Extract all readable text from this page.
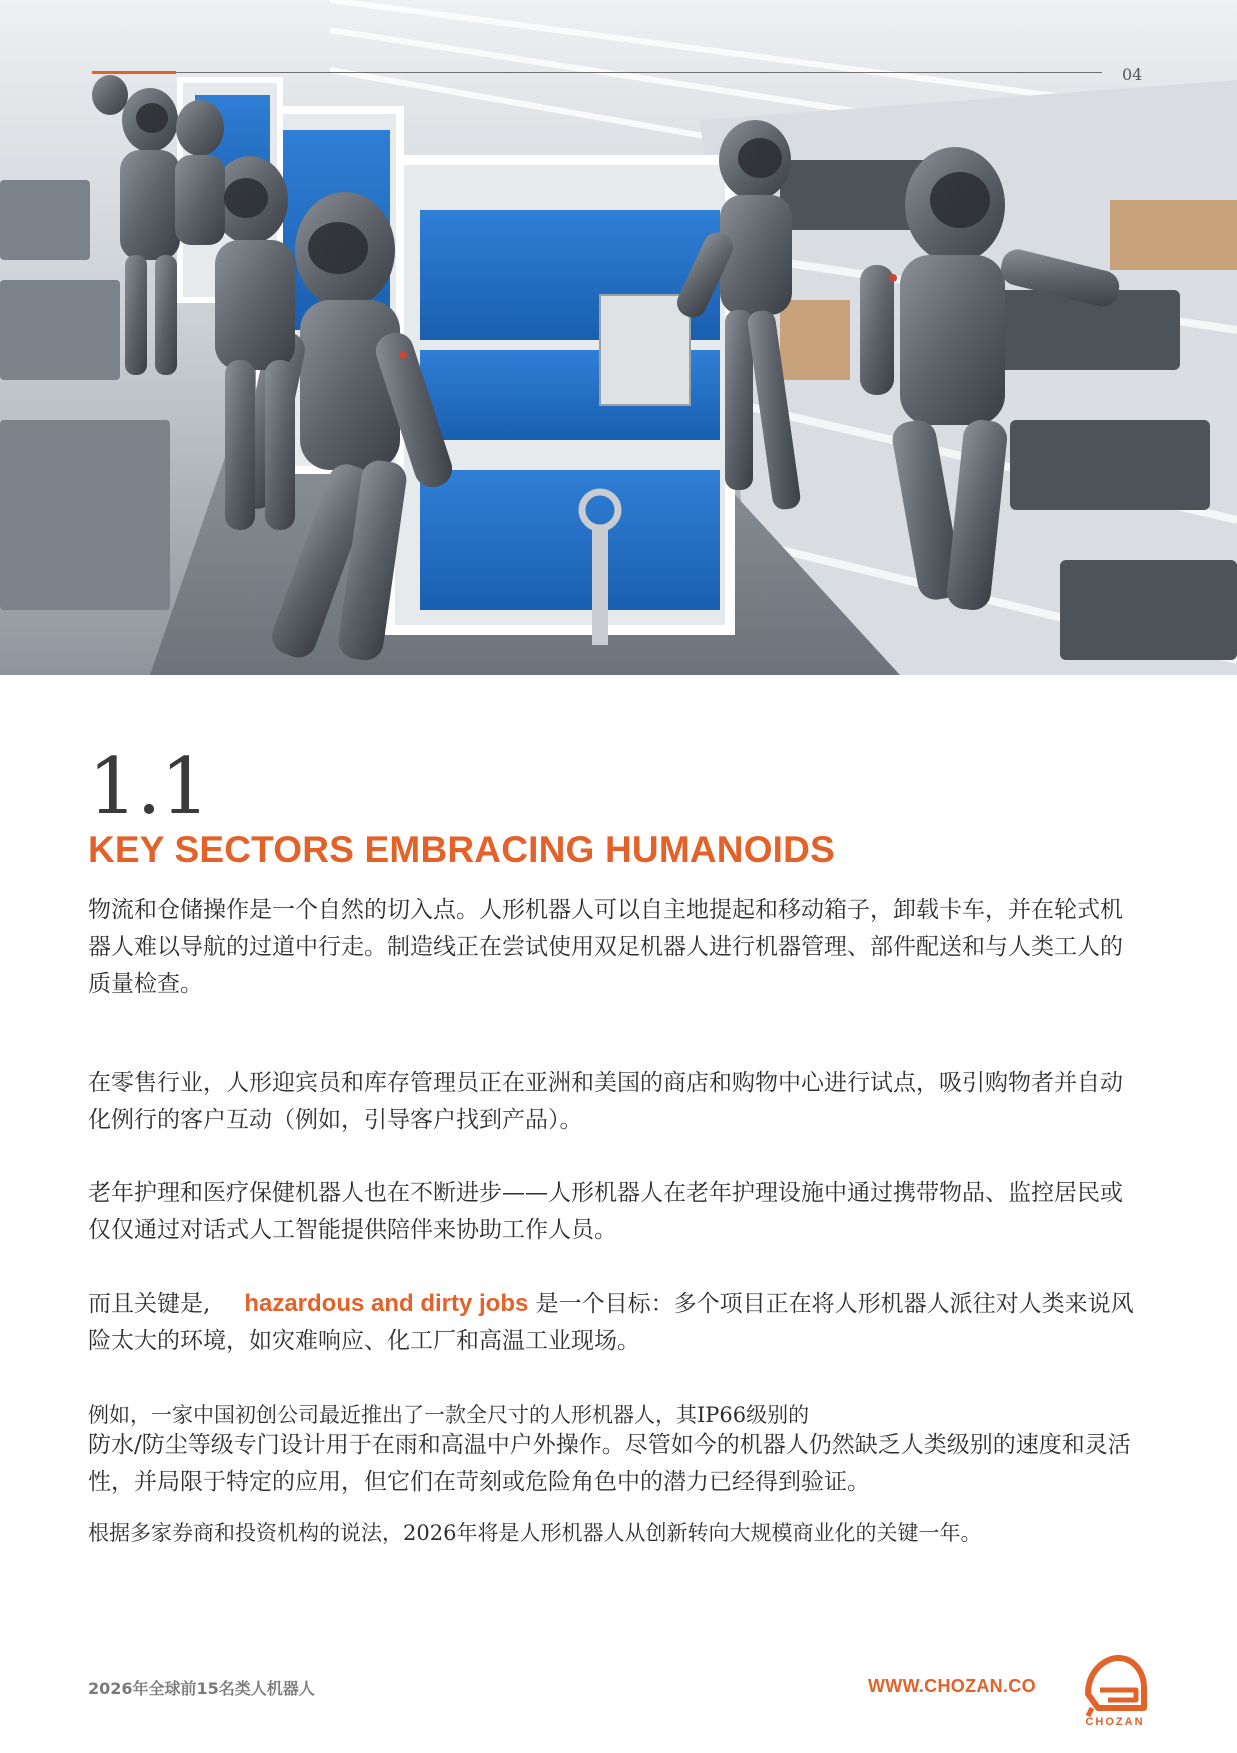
04
1.1
KEY SECTORS EMBRACING HUMANOIDS

物流和仓储操作是一个自然的切入点。人形机器人可以自主地提起和移动箱子，卸载卡车，并在轮式机器人难以导航的过道中行走。制造线正在尝试使用双足机器人进行机器管理、部件配送和与人类工人的质量检查。

在零售行业，人形迎宾员和库存管理员正在亚洲和美国的商店和购物中心进行试点，吸引购物者并自动化例行的客户互动（例如，引导客户找到产品）。

老年护理和医疗保健机器人也在不断进步——人形机器人在老年护理设施中通过携带物品、监控居民或仅仅通过对话式人工智能提供陪伴来协助工作人员。

而且关键是, hazardous and dirty jobs 是一个目标：多个项目正在将人形机器人派往对人类来说风险太大的环境，如灾难响应、化工厂和高温工业现场。

例如，一家中国初创公司最近推出了一款全尺寸的人形机器人，其IP66级别的

防水/防尘等级专门设计用于在雨和高温中户外操作。尽管如今的机器人仍然缺乏人类级别的速度和灵活性，并局限于特定的应用，但它们在苛刻或危险角色中的潜力已经得到验证。

根据多家券商和投资机构的说法，2026年将是人形机器人从创新转向大规模商业化的关键一年。

2026年全球前15名类人机器人	WWW.CHOZAN.CO
CHOZAN
